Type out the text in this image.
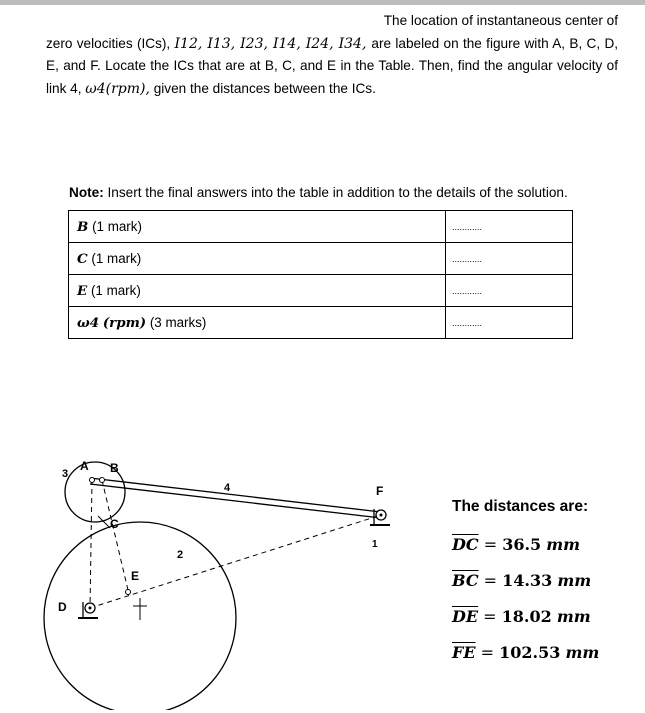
The location of instantaneous center of
zero velocities (ICs), I12, I13, I23, I14, I24, I34, are labeled on the figure with A, B, C, D, E, and F. Locate the ICs that are at B, C, and E in the Table. Then, find the angular velocity of link 4, ω4(rpm), given the distances between the ICs.
Note: Insert the final answers into the table in addition to the details of the solution.
B (1 mark)	............
C (1 mark)	............
E (1 mark)	............
ω4 (rpm) (3 marks)	............
3
A B
4	F
C
1
2
E
D
The distances are:
$\overline{DC} = 36.5$ mm
$\overline{BC} = 14.33$ mm
$\overline{DE} = 18.02$ mm
$\overline{FE} = 102.53$ mm
